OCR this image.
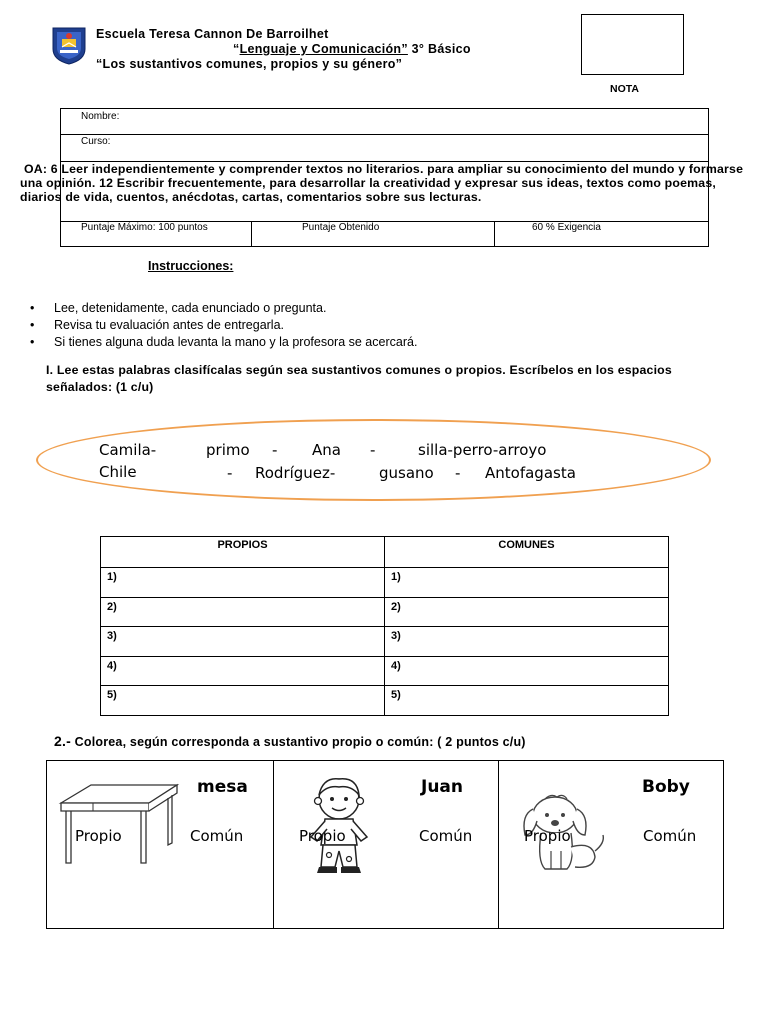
Escuela Teresa Cannon De Barroilhet
“Lenguaje y Comunicación” 3° Básico
“Los sustantivos comunes, propios y su género”
NOTA
Nombre:
Curso:
Puntaje Máximo: 100 puntos	Puntaje Obtenido	60 % Exigencia
OA: 6 Leer independientemente y comprender textos no literarios. para ampliar su conocimiento del mundo y formarse una opinión. 12 Escribir frecuentemente, para desarrollar la creatividad y expresar sus ideas, textos como poemas, diarios de vida, cuentos, anécdotas, cartas, comentarios sobre sus lecturas.
Instrucciones:
• Lee, detenidamente, cada enunciado o pregunta.
• Revisa tu evaluación antes de entregarla.
• Si tienes alguna duda levanta la mano y la profesora se acercará.
I. Lee estas palabras clasifícalas según sea sustantivos comunes o propios. Escríbelos en los espacios señalados: (1 c/u)
Camila-	primo - Ana -	silla-perro-arroyo
Chile	- Rodríguez-	gusano - Antofagasta
PROPIOS	COMUNES
1)	1)
2)	2)
3)	3)
4)	4)
5)	5)
2.- Colorea, según corresponda a sustantivo propio o común: ( 2 puntos c/u)
mesa
Propio	Común
Juan
Propio	Común
Boby
Propio	Común
